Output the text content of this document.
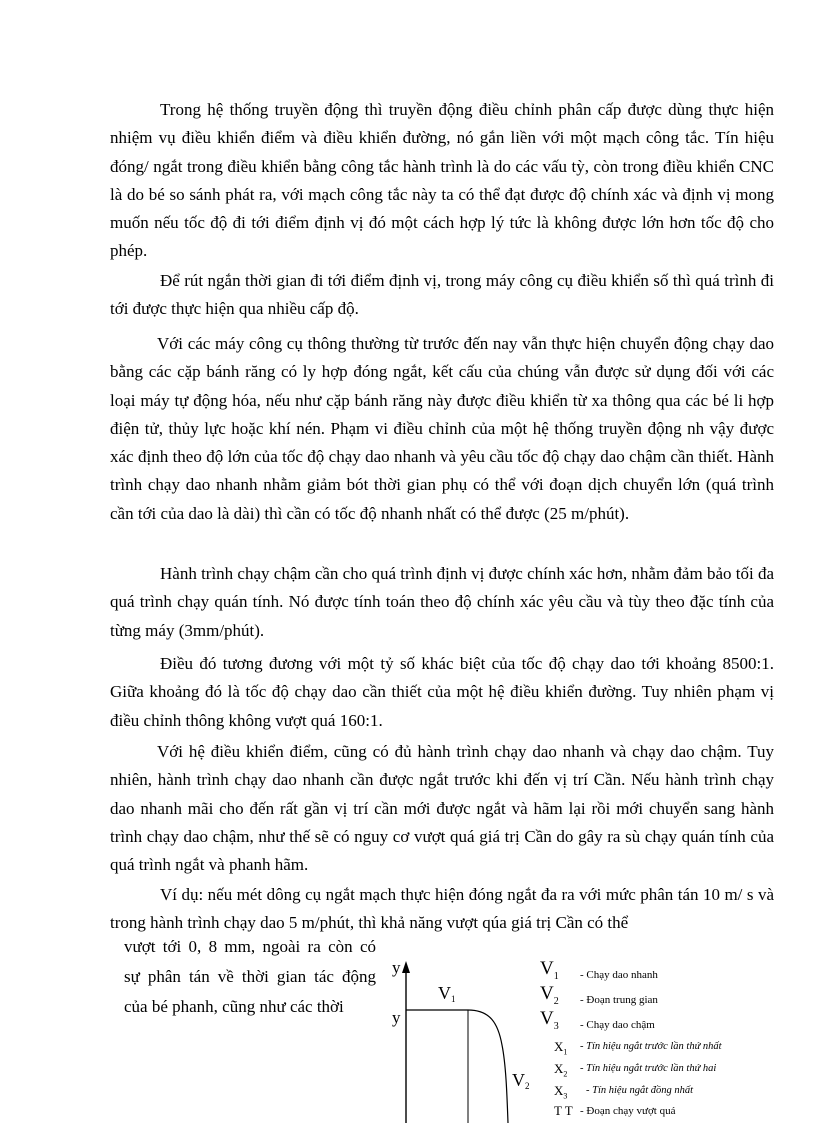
Trong hệ thống truyền động thì truyền động điều chỉnh phân cấp được dùng thực hiện nhiệm vụ điều khiển điểm và điều khiển đường, nó gắn liền với một mạch công tắc. Tín hiệu đóng/ ngắt trong điều khiển bằng công tắc hành trình là do các vấu tỳ, còn trong điều khiển CNC là do bé so sánh phát ra, với mạch công tắc này ta có thể đạt được độ chính xác và định vị mong muốn nếu tốc độ đi tới điểm định vị đó một cách hợp lý tức là không được lớn hơn tốc độ cho phép.

Để rút ngắn thời gian đi tới điểm định vị, trong máy công cụ điều khiển số thì quá trình đi tới được thực hiện qua nhiều cấp độ.

Với các máy công cụ thông thường từ trước đến nay vẫn thực hiện chuyển động chạy dao bằng các cặp bánh răng có ly hợp đóng ngắt, kết cấu của chúng vẫn được sử dụng đối với các loại máy tự động hóa, nếu như cặp bánh răng này được điều khiển từ xa thông qua các bé li hợp điện tử, thủy lực hoặc khí nén. Phạm vi điều chỉnh của một hệ thống truyền động nh vậy được xác định theo độ lớn của tốc độ chạy dao nhanh và yêu cầu tốc độ chạy dao chậm cần thiết. Hành trình chạy dao nhanh nhằm giảm bót thời gian phụ có thể với đoạn dịch chuyển lớn (quá trình cần tới của dao là dài) thì cần có tốc độ nhanh nhất có thể được (25 m/phút).

Hành trình chạy chậm cần cho quá trình định vị được chính xác hơn, nhằm đảm bảo tối đa quá trình chạy quán tính. Nó được tính toán theo độ chính xác yêu cầu và tùy theo đặc tính của từng máy (3mm/phút).

Điều đó tương đương với một tỷ số khác biệt của tốc độ chạy dao tới khoảng 8500:1. Giữa khoảng đó là tốc độ chạy dao cần thiết của một hệ điều khiển đường. Tuy nhiên phạm vị điều chỉnh thông không vượt quá 160:1.

Với hệ điều khiển điểm, cũng có đủ hành trình chạy dao nhanh và chạy dao chậm. Tuy nhiên, hành trình chạy dao nhanh cần được ngắt trước khi đến vị trí Cần. Nếu hành trình chạy dao nhanh mãi cho đến rất gần vị trí cần mới được ngắt và hãm lại rồi mới chuyển sang hành trình chạy dao chậm, như thế sẽ có nguy cơ vượt quá giá trị Cần do gây ra sù chạy quán tính của quá trình ngắt và phanh hãm.

Ví dụ: nếu mét dông cụ ngắt mạch thực hiện đóng ngắt đa ra với mức phân tán 10 m/ s và trong hành trình chạy dao 5 m/phút, thì khả năng vượt qúa giá trị Cần có thể

vượt tới 0, 8 mm, ngoài ra còn có
sự phân tán về thời gian tác động
của bé phanh, cũng như các thời

y
y
V1
V2
$V_1$ - Chạy dao nhanh
$V_2$ - Đoạn trung gian
$V_3$ - Chạy dao chậm
$X_1$
- Tín hiệu ngắt trước lần thứ nhất
$X_2$
- Tín hiệu ngắt trước lần thứ hai
$X_3$
- Tín hiệu ngắt đồng nhất
T T - Đoạn chạy vượt quá
